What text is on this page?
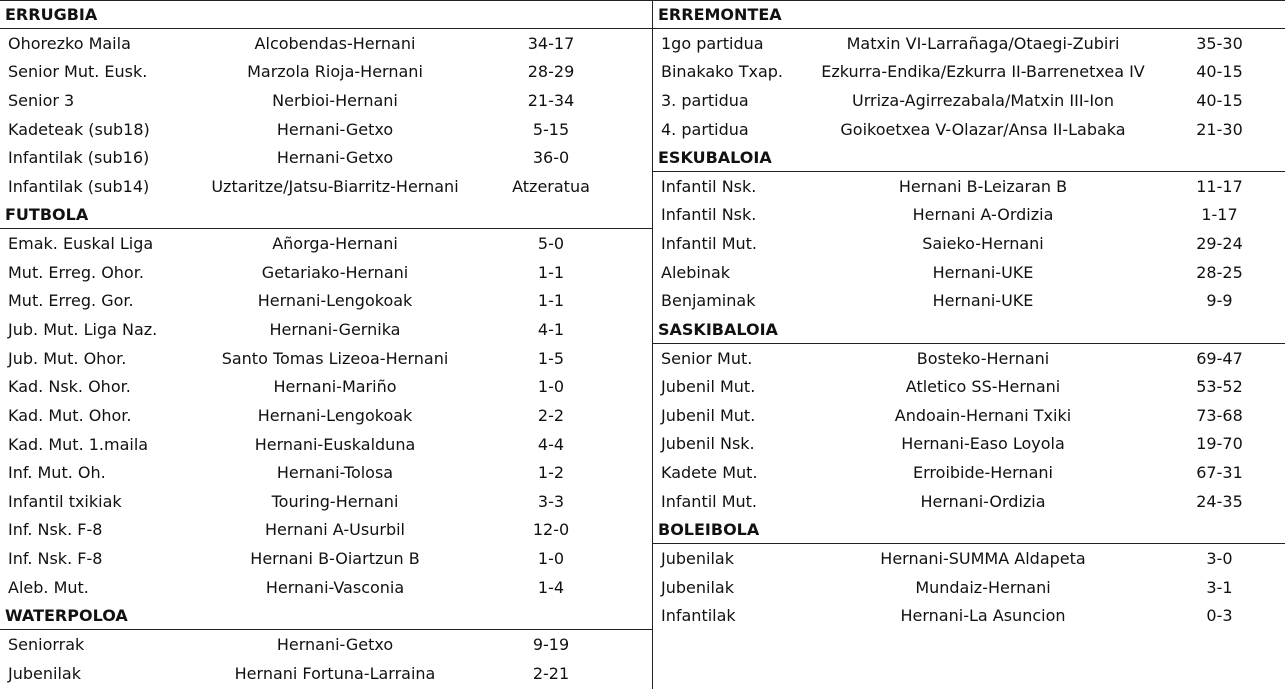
ERRUGBIA
Ohorezko Maila	Alcobendas-Hernani	34-17
Senior Mut. Eusk.	Marzola Rioja-Hernani	28-29
Senior 3	Nerbioi-Hernani	21-34
Kadeteak (sub18)	Hernani-Getxo	5-15
Infantilak (sub16)	Hernani-Getxo	36-0
Infantilak (sub14)	Uztaritze/Jatsu-Biarritz-Hernani	Atzeratua
FUTBOLA
Emak. Euskal Liga	Añorga-Hernani	5-0
Mut. Erreg. Ohor.	Getariako-Hernani	1-1
Mut. Erreg. Gor.	Hernani-Lengokoak	1-1
Jub. Mut. Liga Naz.	Hernani-Gernika	4-1
Jub. Mut. Ohor.	Santo Tomas Lizeoa-Hernani	1-5
Kad. Nsk. Ohor.	Hernani-Mariño	1-0
Kad. Mut. Ohor.	Hernani-Lengokoak	2-2
Kad. Mut. 1.maila	Hernani-Euskalduna	4-4
Inf. Mut. Oh.	Hernani-Tolosa	1-2
Infantil txikiak	Touring-Hernani	3-3
Inf. Nsk. F-8	Hernani A-Usurbil	12-0
Inf. Nsk. F-8	Hernani B-Oiartzun B	1-0
Aleb. Mut.	Hernani-Vasconia	1-4
WATERPOLOA
Seniorrak	Hernani-Getxo	9-19
Jubenilak	Hernani Fortuna-Larraina	2-21
ERREMONTEA
1go partidua	Matxin VI-Larrañaga/Otaegi-Zubiri	35-30
Binakako Txap.	Ezkurra-Endika/Ezkurra II-Barrenetxea IV	40-15
3. partidua	Urriza-Agirrezabala/Matxin III-Ion	40-15
4. partidua	Goikoetxea V-Olazar/Ansa II-Labaka	21-30
ESKUBALOIA
Infantil Nsk.	Hernani B-Leizaran B	11-17
Infantil Nsk.	Hernani A-Ordizia	1-17
Infantil Mut.	Saieko-Hernani	29-24
Alebinak	Hernani-UKE	28-25
Benjaminak	Hernani-UKE	9-9
SASKIBALOIA
Senior Mut.	Bosteko-Hernani	69-47
Jubenil Mut.	Atletico SS-Hernani	53-52
Jubenil Mut.	Andoain-Hernani Txiki	73-68
Jubenil Nsk.	Hernani-Easo Loyola	19-70
Kadete Mut.	Erroibide-Hernani	67-31
Infantil Mut.	Hernani-Ordizia	24-35
BOLEIBOLA
Jubenilak	Hernani-SUMMA Aldapeta	3-0
Jubenilak	Mundaiz-Hernani	3-1
Infantilak	Hernani-La Asuncion	0-3
